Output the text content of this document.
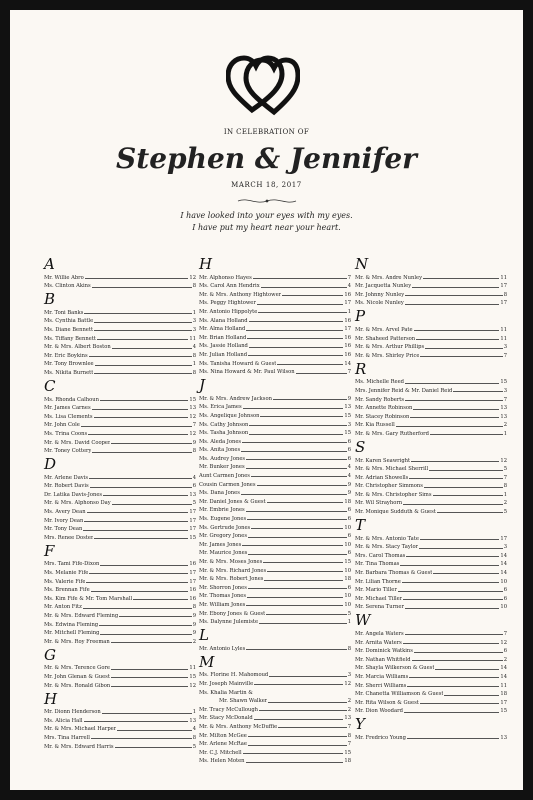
IN CELEBRATION OF
Stephen & Jennifer
MARCH 18, 2017
I have looked into your eyes with my eyes.
I have put my heart near your heart.
A
Mr. Willie Abro	12
Ms. Clinton Akins	8
B
Mr. Toni Banks	1
Ms. Cynthia Battle	3
Ms. Diane Bennett	3
Ms. Tiffany Bennett	11
Mr. & Mrs. Albert Boston	4
Mr. Eric Boykins	8
Mr. Tony Brownlee	1
Ms. Nikita Burnett	8
C
Ms. Rhonda Calhoun	15
Mr. James Carnes	13
Ms. Lisa Clements	12
Mr. John Cole	7
Ms. Trina Coons	12
Mr. & Mrs. David Cooper	9
Mr. Toney Cottery	8
D
Mr. Arlene Davis	4
Mr. Robert Davis	6
Dr. Latika Davis-Jones	13
Mr. & Mrs. Alphonso Day	5
Ms. Avery Dean	17
Mr. Ivory Dean	17
Mr. Tony Dean	17
Mrs. Renee Doster	15
F
Mrs. Tami Fife-Dixon	16
Ms. Melanie Fife	17
Ms. Valerie Fife	17
Ms. Brennan Fife	16
Ms. Kim Fife & Mr. Tom Marshall	16
Mr. Anton Fitz	8
Mr. & Mrs. Edward Fleming	9
Ms. Edwina Fleming	9
Mr. Mitchell Fleming	9
Mr. & Mrs. Roy Freeman	2
G
Mr. & Mrs. Terence Gore	11
Mr. John Glenan & Guest	15
Mr. & Mrs. Ronald Gibon	12
H
Mr. Dionn Henderson	1
Ms. Alicia Hall	13
Mr. & Mrs. Michael Harper	4
Mrs. Tina Harrell	8
Mr. & Mrs. Edward Harris	5
H
Mr. Alphonso Hayes	7
Ms. Carol Ann Hendrix	4
Mr. & Mrs. Anthony Hightower	16
Ms. Peggy Hightower	17
Mr. Antonio Hippolyte	1
Ms. Alana Holland	16
Mr. Alma Holland	17
Mr. Brian Holland	16
Ms. Jassie Holland	16
Mr. Julian Holland	16
Ms. Tanisha Howard & Guest	14
Ms. Nina Howard & Mr. Paul Wilson	7
J
Mr. & Mrs. Andrew Jackson	9
Ms. Erica James	13
Ms. Angelique Johnson	15
Ms. Cathy Johnson	3
Ms. Tasha Johnson	15
Ms. Aleda Jones	6
Ms. Anita Jones	6
Ms. Audrey Jones	6
Mr. Bunker Jones	4
Aunt Carmen Jones	4
Cousin Carmen Jones	9
Ms. Dana Jones	9
Mr. Daniel Jones & Guest	18
Mr. Embrie Jones	6
Ms. Eugene Jones	6
Ms. Gertrude Jones	10
Mr. Gregory Jones	6
Mr. James Jones	10
Mr. Maurice Jones	6
Mr. & Mrs. Moses Jones	15
Mr. & Mrs. Richard Jones	10
Mr. & Mrs. Robert Jones	18
Mr. Shorron Jones	6
Mr. Thomas Jones	10
Mr. William Jones	10
Mr. Ebony Jones & Guest	5
Ms. Dalynne Julemiste	1
L
Mr. Antonio Lyles	8
M
Ms. Florine H. Mahomoud	3
Mr. Joseph Mainville	12
Ms. Khalia Martin &
Mr. Shawn Walker	2
Mr. Tracy McCullough	2
Mr. Stacy McDonald	13
Mr. & Mrs. Anthony McDuffie	7
Mr. Milton McGee	8
Mr. Arlene McRae	7
Mr. C.J. Mitchell	15
Ms. Helen Moten	18
N
Mr. & Mrs. Andre Nunley	11
Mr. Jacquetta Nunley	17
Mr. Johnny Nunley	8
Ms. Nicole Nunley	17
P
Mr. & Mrs. Arvel Pate	11
Mr. Shaheed Patterson	11
Mr. & Mrs. Arthur Phillips	3
Mr. & Mrs. Shirley Price	7
R
Ms. Michelle Reed	15
Mrs. Jennifer Reid & Mr. Daniel Reid	3
Mr. Sandy Roberts	7
Mr. Annette Robinson	13
Mr. Stacey Robinson	13
Mr. Kia Russell	2
Mr. & Mrs. Gary Rutherford	1
S
Mr. Karen Seawright	12
Mr. & Mrs. Michael Sherrill	5
Mr. Adrian Showells	7
Mr. Christopher Simmons	8
Mr. & Mrs. Christopher Sims	1
Mr. Wil Strayhorn	2
Mr. Monique Sudduth & Guest	5
T
Mr. & Mrs. Antonio Tate	17
Mr. & Mrs. Stacy Taylor	3
Mrs. Carol Thomas	14
Mr. Tina Thomas	14
Mr. Barbara Thomas & Guest	14
Mr. Lilian Thorne	10
Mr. Mario Tiller	6
Mr. Michael Tiller	6
Mr. Serena Turner	10
W
Mr. Angela Waters	7
Mr. Arnita Waters	12
Mr. Dominick Watkins	6
Mr. Nathan Whitfield	2
Mr. Shayla Wilkerson & Guest	14
Mr. Marcia Williams	14
Mr. Sherri Williams	11
Mr. Chanetta Williamson & Guest	18
Mr. Rita Wilson & Guest	17
Mr. Dion Woodard	15
Y
Mr. Fredrico Young	13
